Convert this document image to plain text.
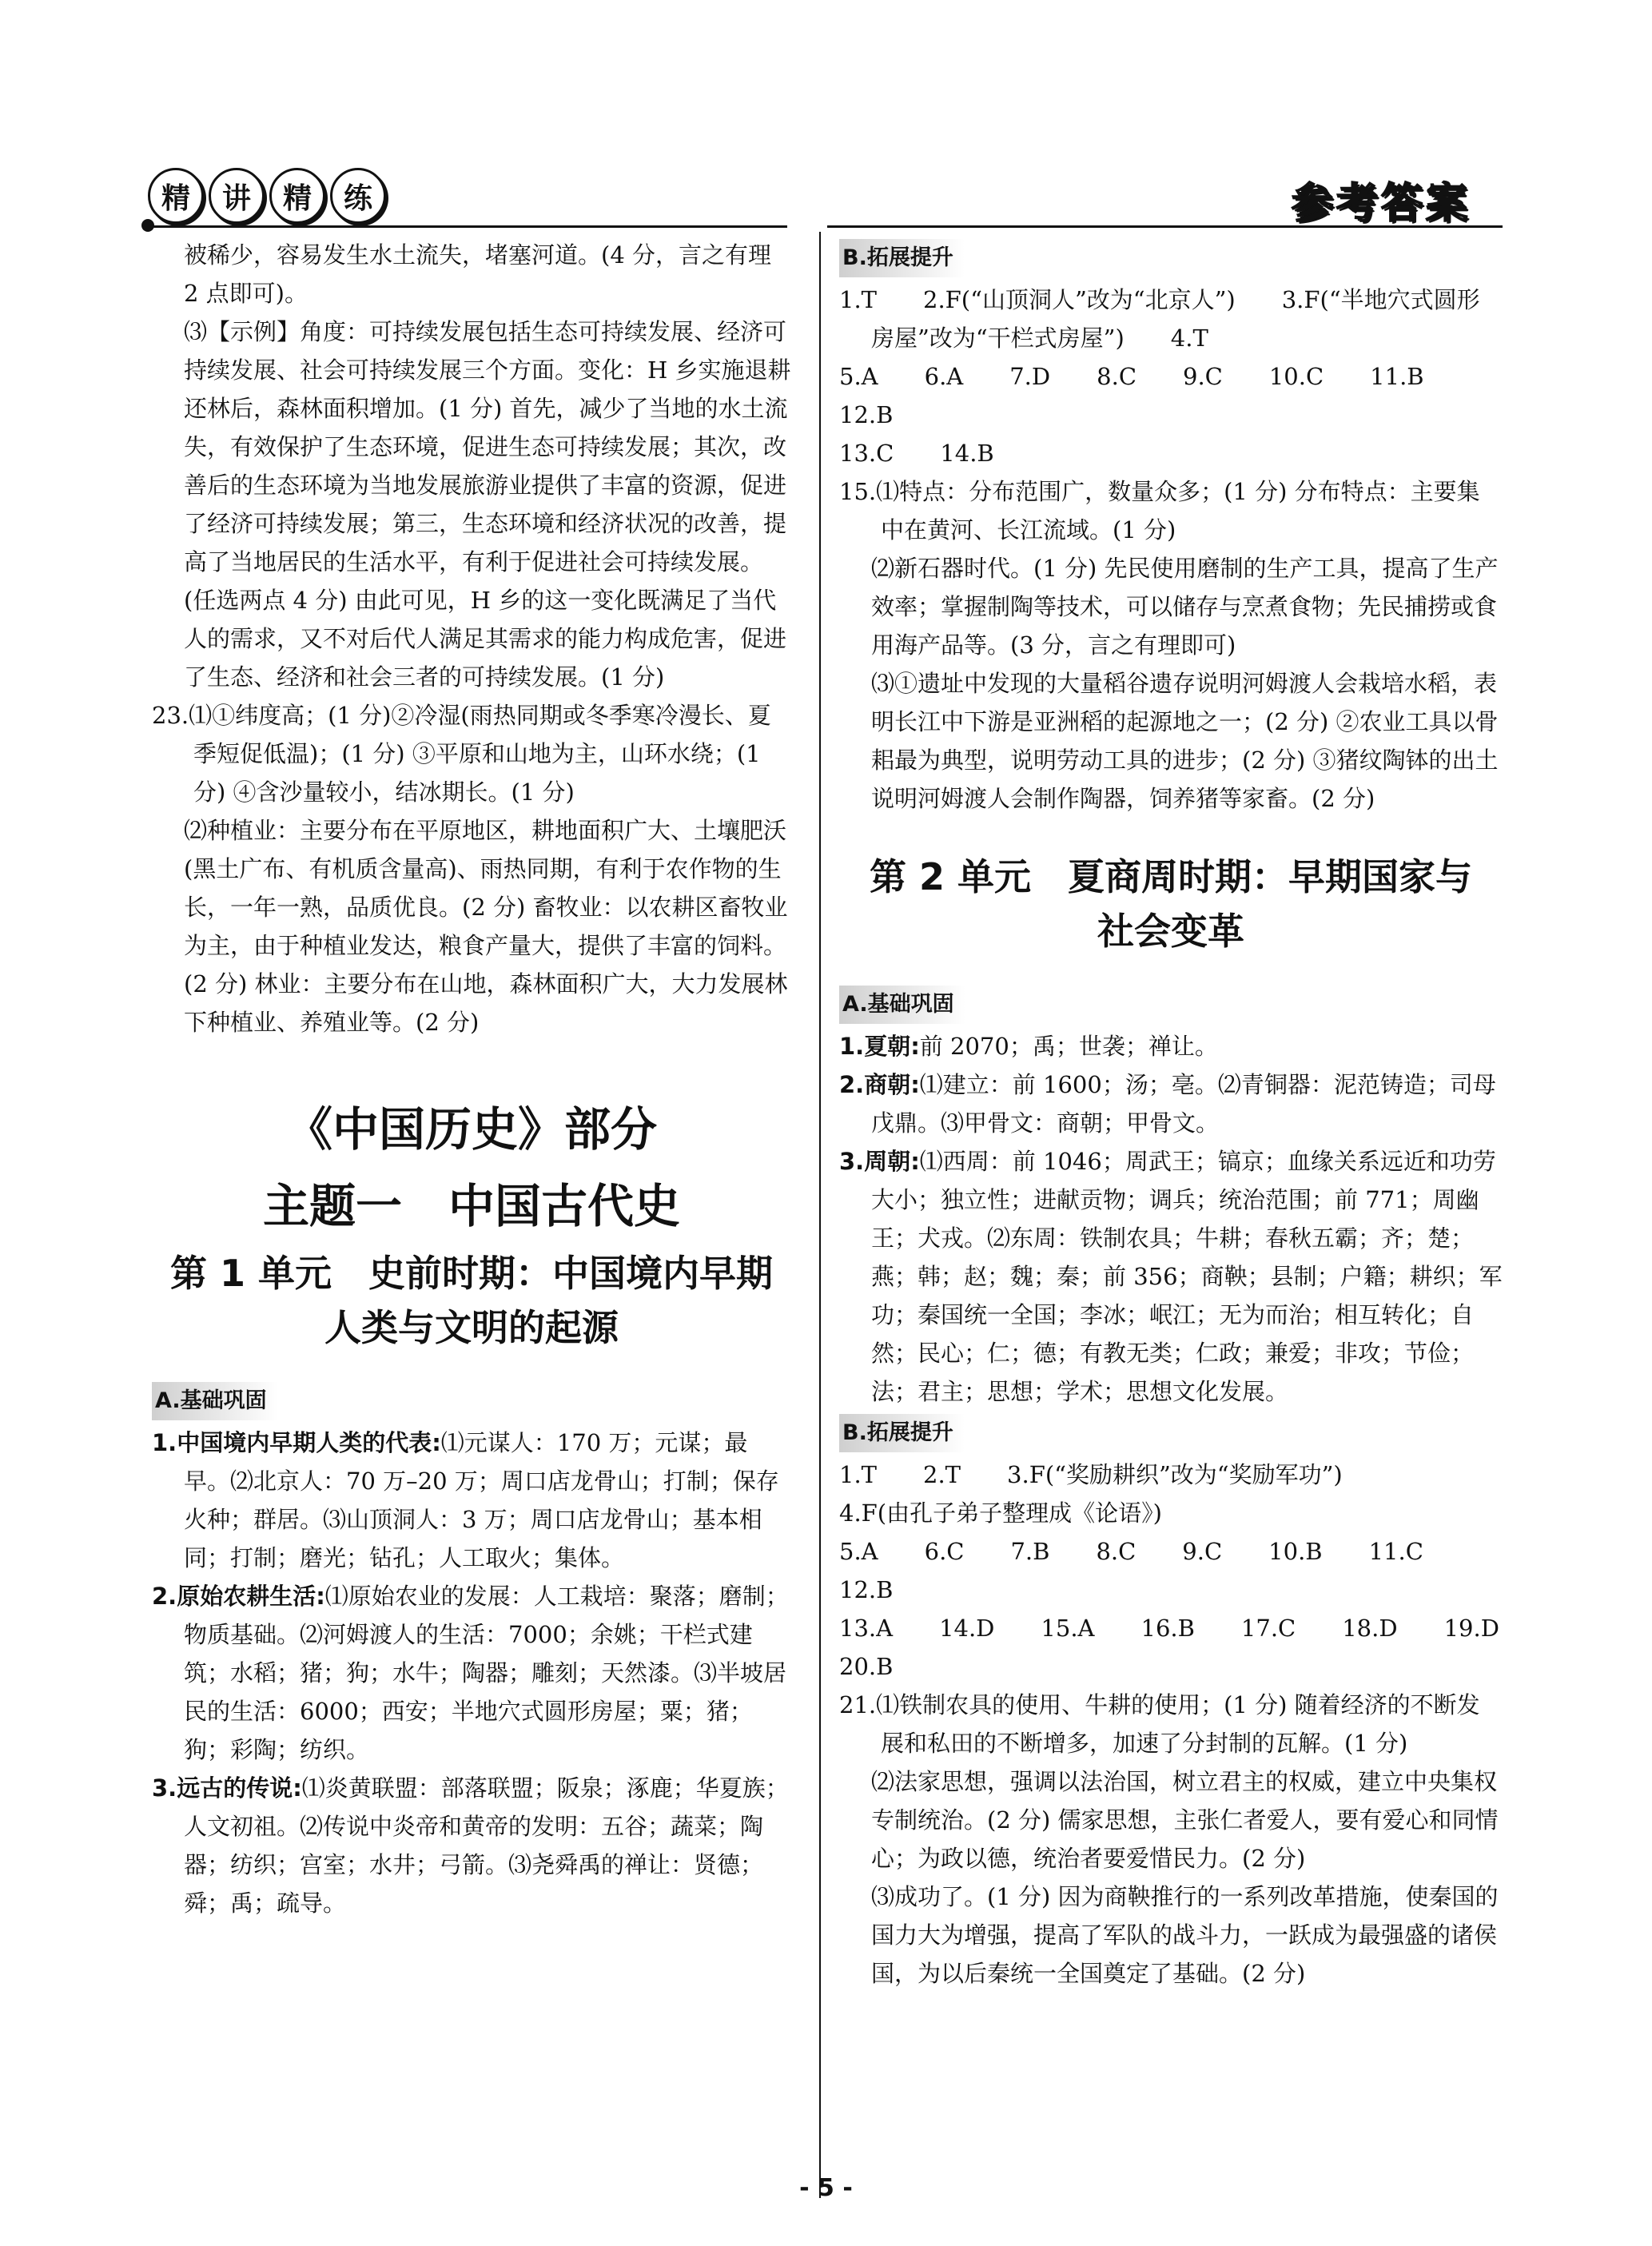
精	讲	精	练	参考答案

被稀少，容易发生水土流失，堵塞河道。(4 分，言之有理 2 点即可)。

⑶【示例】角度：可持续发展包括生态可持续发展、经济可持续发展、社会可持续发展三个方面。变化：H 乡实施退耕还林后，森林面积增加。(1 分) 首先，减少了当地的水土流失，有效保护了生态环境，促进生态可持续发展；其次，改善后的生态环境为当地发展旅游业提供了丰富的资源，促进了经济可持续发展；第三，生态环境和经济状况的改善，提高了当地居民的生活水平，有利于促进社会可持续发展。(任选两点 4 分) 由此可见，H 乡的这一变化既满足了当代人的需求，又不对后代人满足其需求的能力构成危害，促进了生态、经济和社会三者的可持续发展。(1 分)

23.⑴①纬度高；(1 分)②冷湿(雨热同期或冬季寒冷漫长、夏季短促低温)；(1 分) ③平原和山地为主，山环水绕；(1 分) ④含沙量较小，结冰期长。(1 分)

⑵种植业：主要分布在平原地区，耕地面积广大、土壤肥沃(黑土广布、有机质含量高)、雨热同期，有利于农作物的生长，一年一熟，品质优良。(2 分) 畜牧业：以农耕区畜牧业为主，由于种植业发达，粮食产量大，提供了丰富的饲料。(2 分) 林业：主要分布在山地，森林面积广大，大力发展林下种植业、养殖业等。(2 分)

《中国历史》部分
主题一　中国古代史
第 1 单元　史前时期：中国境内早期
人类与文明的起源
A.基础巩固

1.中国境内早期人类的代表:⑴元谋人：170 万；元谋；最早。⑵北京人：70 万–20 万；周口店龙骨山；打制；保存火种；群居。⑶山顶洞人：3 万；周口店龙骨山；基本相同；打制；磨光；钻孔；人工取火；集体。

2.原始农耕生活:⑴原始农业的发展：人工栽培：聚落；磨制；物质基础。⑵河姆渡人的生活：7000；余姚；干栏式建筑；水稻；猪；狗；水牛；陶器；雕刻；天然漆。⑶半坡居民的生活：6000；西安；半地穴式圆形房屋；粟；猪；狗；彩陶；纺织。

3.远古的传说:⑴炎黄联盟：部落联盟；阪泉；涿鹿；华夏族；人文初祖。⑵传说中炎帝和黄帝的发明：五谷；蔬菜；陶器；纺织；宫室；水井；弓箭。⑶尧舜禹的禅让：贤德；舜；禹；疏导。

B.拓展提升

1.T　　2.F(“山顶洞人”改为“北京人”)　　3.F(“半地穴式圆形房屋”改为“干栏式房屋”)　　4.T

5.A　　6.A　　7.D　　8.C　　9.C　　10.C　　11.B　　12.B

13.C　　14.B

15.⑴特点：分布范围广，数量众多；(1 分) 分布特点：主要集中在黄河、长江流域。(1 分)

⑵新石器时代。(1 分) 先民使用磨制的生产工具，提高了生产效率；掌握制陶等技术，可以储存与烹煮食物；先民捕捞或食用海产品等。(3 分，言之有理即可)

⑶①遗址中发现的大量稻谷遗存说明河姆渡人会栽培水稻，表明长江中下游是亚洲稻的起源地之一；(2 分) ②农业工具以骨耜最为典型，说明劳动工具的进步；(2 分) ③猪纹陶钵的出土说明河姆渡人会制作陶器，饲养猪等家畜。(2 分)

第 2 单元　夏商周时期：早期国家与
社会变革
A.基础巩固

1.夏朝:前 2070；禹；世袭；禅让。

2.商朝:⑴建立：前 1600；汤；亳。⑵青铜器：泥范铸造；司母戊鼎。⑶甲骨文：商朝；甲骨文。

3.周朝:⑴西周：前 1046；周武王；镐京；血缘关系远近和功劳大小；独立性；进献贡物；调兵；统治范围；前 771；周幽王；犬戎。⑵东周：铁制农具；牛耕；春秋五霸；齐；楚；燕；韩；赵；魏；秦；前 356；商鞅；县制；户籍；耕织；军功；秦国统一全国；李冰；岷江；无为而治；相互转化；自然；民心；仁；德；有教无类；仁政；兼爱；非攻；节俭；法；君主；思想；学术；思想文化发展。

B.拓展提升

1.T　　2.T　　3.F(“奖励耕织”改为“奖励军功”)

4.F(由孔子弟子整理成《论语》)

5.A　　6.C　　7.B　　8.C　　9.C　　10.B　　11.C　　12.B

13.A　　14.D　　15.A　　16.B　　17.C　　18.D　　19.D

20.B

21.⑴铁制农具的使用、牛耕的使用；(1 分) 随着经济的不断发展和私田的不断增多，加速了分封制的瓦解。(1 分)

⑵法家思想，强调以法治国，树立君主的权威，建立中央集权专制统治。(2 分) 儒家思想，主张仁者爱人，要有爱心和同情心；为政以德，统治者要爱惜民力。(2 分)

⑶成功了。(1 分) 因为商鞅推行的一系列改革措施，使秦国的国力大为增强，提高了军队的战斗力，一跃成为最强盛的诸侯国，为以后秦统一全国奠定了基础。(2 分)

- 5 -
